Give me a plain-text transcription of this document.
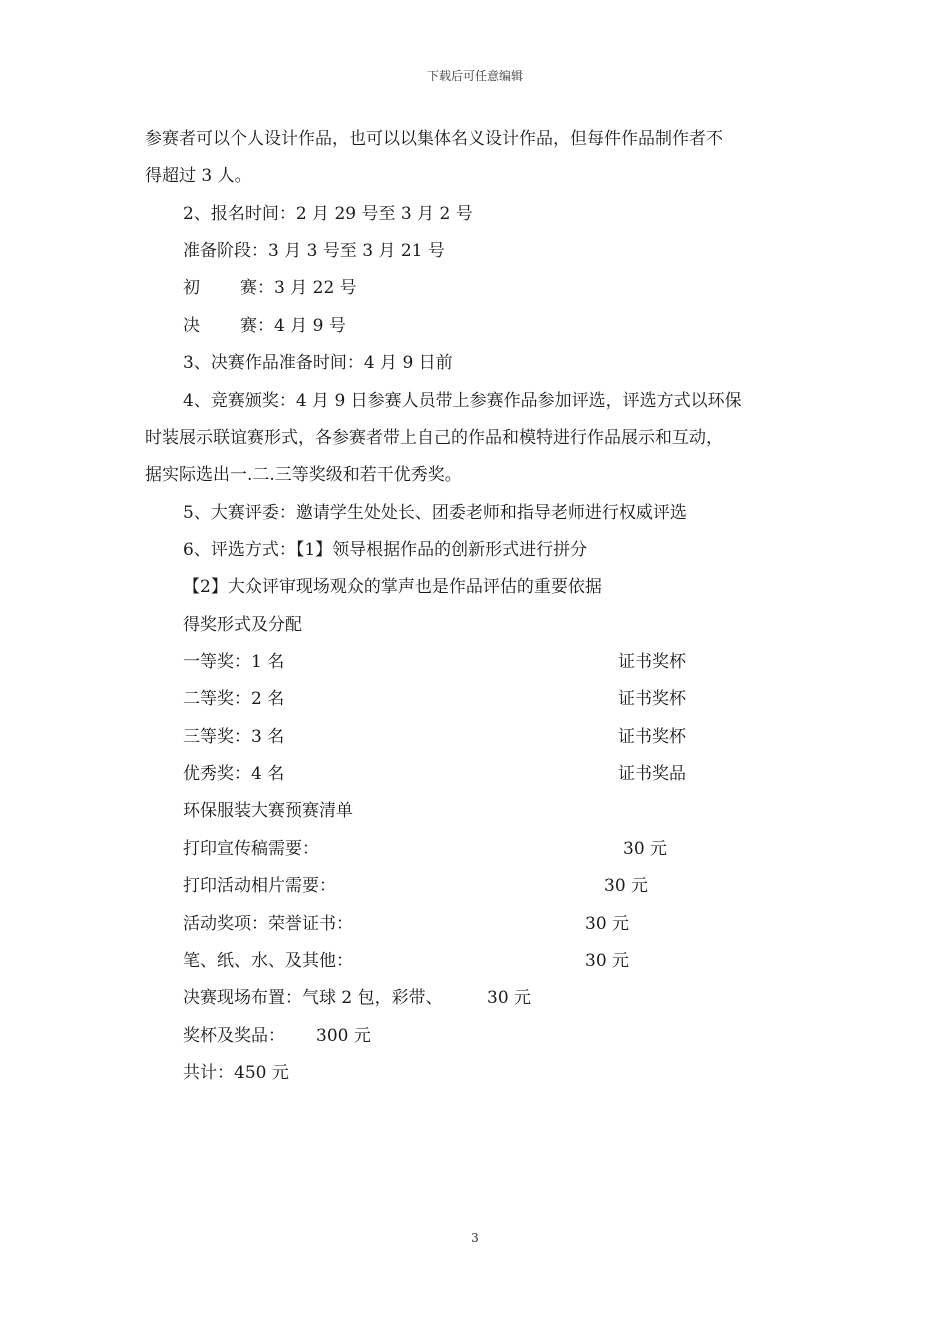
下载后可任意编辑
参赛者可以个人设计作品，也可以以集体名义设计作品，但每件作品制作者不
得超过 3 人。
2、报名时间：2 月 29 号至 3 月 2 号
准备阶段：3 月 3 号至 3 月 21 号
初 赛：3 月 22 号
决 赛：4 月 9 号
3、决赛作品准备时间：4 月 9 日前
4、竞赛颁奖：4 月 9 日参赛人员带上参赛作品参加评选，评选方式以环保
时装展示联谊赛形式，各参赛者带上自己的作品和模特进行作品展示和互动，
据实际选出一.二.三等奖级和若干优秀奖。
5、大赛评委：邀请学生处处长、团委老师和指导老师进行权威评选
6、评选方式：【1】领导根据作品的创新形式进行拼分
【2】大众评审现场观众的掌声也是作品评估的重要依据
得奖形式及分配
一等奖：1 名	证书奖杯
二等奖：2 名	证书奖杯
三等奖：3 名	证书奖杯
优秀奖：4 名	证书奖品
环保服装大赛预赛清单
打印宣传稿需要：	30 元
打印活动相片需要：	30 元
活动奖项：荣誉证书：	30 元
笔、纸、水、及其他：	30 元
决赛现场布置：气球 2 包，彩带、	30 元
奖杯及奖品： 300 元
共计：450 元
3
